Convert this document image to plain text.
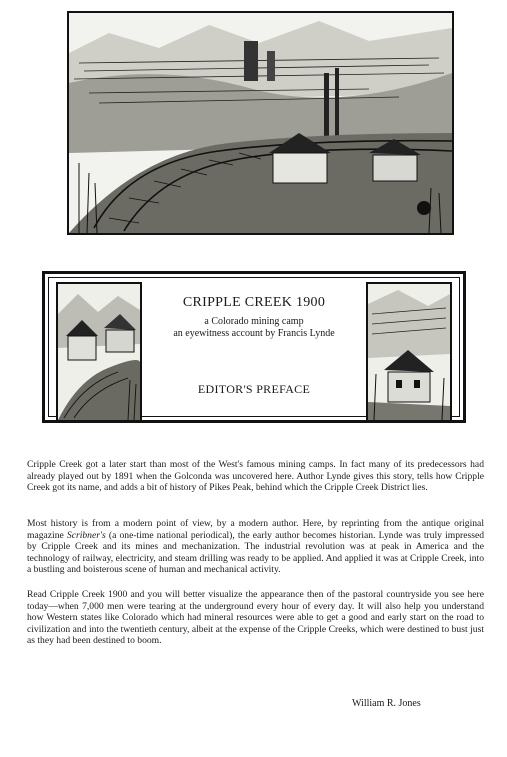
CRIPPLE CREEK 1900
a Colorado mining camp
an eyewitness account by Francis Lynde
EDITOR'S PREFACE

Cripple Creek got a later start than most of the West's famous mining camps. In fact many of its predecessors had already played out by 1891 when the Golconda was uncovered here. Author Lynde gives this story, tells how Cripple Creek got its name, and adds a bit of history of Pikes Peak, behind which the Cripple Creek District lies.

Most history is from a modern point of view, by a modern author. Here, by reprinting from the antique original magazine Scribner's (a one-time national periodical), the early author becomes historian. Lynde was truly impressed by Cripple Creek and its mines and mechanization. The industrial revolution was at peak in America and the technology of railway, electricity, and steam drilling was ready to be applied. And applied it was at Cripple Creek, into a bustling and boisterous scene of human and mechanical activity.

Read Cripple Creek 1900 and you will better visualize the appearance then of the pastoral countryside you see here today—when 7,000 men were tearing at the underground every hour of every day. It will also help you understand how Western states like Colorado which had mineral resources were able to get a good and early start on the road to civilization and into the twentieth century, albeit at the expense of the Cripple Creeks, which were destined to bust just as they had been destined to boom.

William R. Jones
